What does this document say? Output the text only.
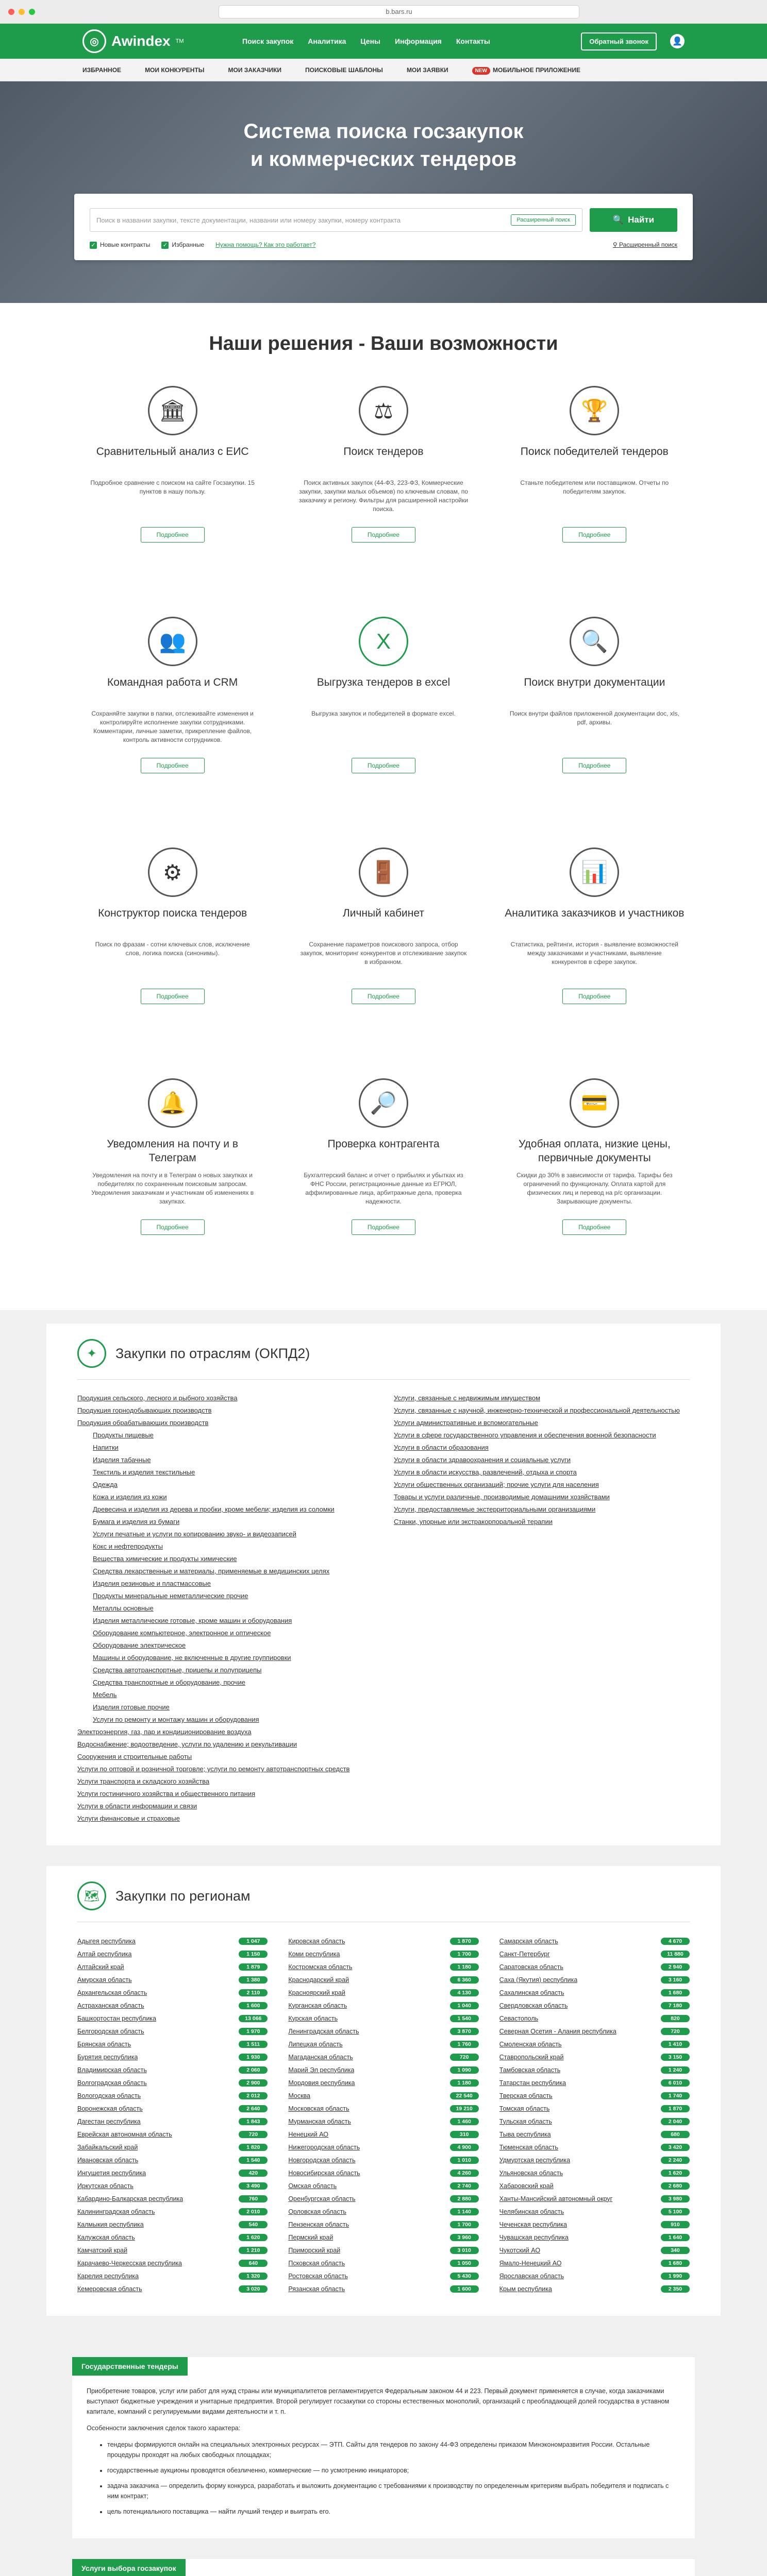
b.bars.ru
◎ Awindex TM	Поиск закупок Аналитика Цены Информация Контакты	Обратный звонок	👤
ИЗБРАННОЕ	МОИ КОНКУРЕНТЫ	МОИ ЗАКАЗЧИКИ	ПОИСКОВЫЕ ШАБЛОНЫ	МОИ ЗАЯВКИ	NEW МОБИЛЬНОЕ ПРИЛОЖЕНИЕ
Система поиска госзакупок
и коммерческих тендеров
Поиск в названии закупки, тексте документации, названии или номеру закупки, номеру контракта	Расширенный поиск	🔍 Найти
✓ Новые контракты ✓ Избранные Нужна помощь? Как это работает?	⚲ Расширенный поиск
Наши решения - Ваши возможности
🏛
Сравнительный анализ с ЕИС
Подробное сравнение с поиском на сайте Госзакупки. 15 пунктов в нашу пользу.
Подробнее
⚖
Поиск тендеров
Поиск активных закупок (44-ФЗ, 223-ФЗ, Коммерческие закупки, закупки малых объемов) по ключевым словам, по заказчику и региону. Фильтры для расширенной настройки поиска.
Подробнее
🏆
Поиск победителей тендеров
Станьте победителем или поставщиком. Отчеты по победителям закупок.
Подробнее
👥
Командная работа и CRM
Сохраняйте закупки в папки, отслеживайте изменения и контролируйте исполнение закупки сотрудниками. Комментарии, личные заметки, прикрепление файлов, контроль активности сотрудников.
Подробнее
X
Выгрузка тендеров в excel
Выгрузка закупок и победителей в формате excel.
Подробнее
🔍
Поиск внутри документации
Поиск внутри файлов приложенной документации doc, xls, pdf, архивы.
Подробнее
⚙
Конструктор поиска тендеров
Поиск по фразам - сотни ключевых слов, исключение слов, логика поиска (синонимы).
Подробнее
🚪
Личный кабинет
Сохранение параметров поискового запроса, отбор закупок, мониторинг конкурентов и отслеживание закупок в избранном.
Подробнее
📊
Аналитика заказчиков и участников
Статистика, рейтинги, история - выявление возможностей между заказчиками и участниками, выявление конкурентов в сфере закупок.
Подробнее
🔔
Уведомления на почту и в Телеграм
Уведомления на почту и в Телеграм о новых закупках и победителях по сохраненным поисковым запросам. Уведомления заказчикам и участникам об изменениях в закупках.
Подробнее
🔎
Проверка контрагента
Бухгалтерский баланс и отчет о прибылях и убытках из ФНС России, регистрационные данные из ЕГРЮЛ, аффилированные лица, арбитражные дела, проверка надежности.
Подробнее
💳
Удобная оплата, низкие цены, первичные документы
Скидки до 30% в зависимости от тарифа. Тарифы без ограничений по функционалу. Оплата картой для физических лиц и перевод на р/с организации. Закрывающие документы.
Подробнее
✦	Закупки по отраслям (ОКПД2)
Продукция сельского, лесного и рыбного хозяйства
Продукция горнодобывающих производств
Продукция обрабатывающих производств
Продукты пищевые
Напитки
Изделия табачные
Текстиль и изделия текстильные
Одежда
Кожа и изделия из кожи
Древесина и изделия из дерева и пробки, кроме мебели; изделия из соломки
Бумага и изделия из бумаги
Услуги печатные и услуги по копированию звуко- и видеозаписей
Кокс и нефтепродукты
Вещества химические и продукты химические
Средства лекарственные и материалы, применяемые в медицинских целях
Изделия резиновые и пластмассовые
Продукты минеральные неметаллические прочие
Металлы основные
Изделия металлические готовые, кроме машин и оборудования
Оборудование компьютерное, электронное и оптическое
Оборудование электрическое
Машины и оборудование, не включенные в другие группировки
Средства автотранспортные, прицепы и полуприцепы
Средства транспортные и оборудование, прочие
Мебель
Изделия готовые прочие
Услуги по ремонту и монтажу машин и оборудования
Электроэнергия, газ, пар и кондиционирование воздуха
Водоснабжение; водоотведение, услуги по удалению и рекультивации
Сооружения и строительные работы
Услуги по оптовой и розничной торговле; услуги по ремонту автотранспортных средств
Услуги транспорта и складского хозяйства
Услуги гостиничного хозяйства и общественного питания
Услуги в области информации и связи
Услуги финансовые и страховые
Услуги, связанные с недвижимым имуществом
Услуги, связанные с научной, инженерно-технической и профессиональной деятельностью
Услуги административные и вспомогательные
Услуги в сфере государственного управления и обеспечения военной безопасности
Услуги в области образования
Услуги в области здравоохранения и социальные услуги
Услуги в области искусства, развлечений, отдыха и спорта
Услуги общественных организаций; прочие услуги для населения
Товары и услуги различные, производимые домашними хозяйствами
Услуги, предоставляемые экстерриториальными организациями
Станки, упорные или экстракорпоральной терапии
🗺	Закупки по регионам
Адыгея республика	1 047
Алтай республика	1 150
Алтайский край	1 879
Амурская область	1 380
Архангельская область	2 110
Астраханская область	1 600
Башкортостан республика	13 066
Белгородская область	1 970
Брянская область	1 511
Бурятия республика	1 930
Владимирская область	2 060
Волгоградская область	2 900
Вологодская область	2 012
Воронежская область	2 640
Дагестан республика	1 843
Еврейская автономная область	720
Забайкальский край	1 820
Ивановская область	1 540
Ингушетия республика	420
Иркутская область	3 490
Кабардино-Балкарская республика	760
Калининградская область	2 010
Калмыкия республика	540
Калужская область	1 620
Камчатский край	1 210
Карачаево-Черкесская республика	640
Карелия республика	1 320
Кемеровская область	3 020
Кировская область	1 870
Коми республика	1 700
Костромская область	1 180
Краснодарский край	6 360
Красноярский край	4 130
Курганская область	1 040
Курская область	1 540
Ленинградская область	3 870
Липецкая область	1 760
Магаданская область	720
Марий Эл республика	1 090
Мордовия республика	1 180
Москва	22 540
Московская область	19 210
Мурманская область	1 460
Ненецкий АО	310
Нижегородская область	4 900
Новгородская область	1 010
Новосибирская область	4 260
Омская область	2 740
Оренбургская область	2 880
Орловская область	1 140
Пензенская область	1 700
Пермский край	3 960
Приморский край	3 010
Псковская область	1 050
Ростовская область	5 430
Рязанская область	1 600
Самарская область	4 670
Санкт-Петербург	11 880
Саратовская область	2 940
Саха (Якутия) республика	3 160
Сахалинская область	1 680
Свердловская область	7 180
Севастополь	820
Северная Осетия - Алания республика	720
Смоленская область	1 410
Ставропольский край	3 150
Тамбовская область	1 240
Татарстан республика	6 010
Тверская область	1 740
Томская область	1 870
Тульская область	2 040
Тыва республика	680
Тюменская область	3 420
Удмуртская республика	2 240
Ульяновская область	1 620
Хабаровский край	2 680
Ханты-Мансийский автономный округ	3 980
Челябинская область	5 100
Чеченская республика	910
Чувашская республика	1 640
Чукотский АО	340
Ямало-Ненецкий АО	1 680
Ярославская область	1 990
Крым республика	2 350
Государственные тендеры

Приобретение товаров, услуг или работ для нужд страны или муниципалитетов регламентируется Федеральным законом 44 и 223. Первый документ применяется в случае, когда заказчиками выступают бюджетные учреждения и унитарные предприятия. Второй регулирует госзакупки со стороны естественных монополий, организаций с преобладающей долей государства в уставном капитале, компаний с регулируемыми видами деятельности и т. п.

Особенности заключения сделок такого характера:

• тендеры формируются онлайн на специальных электронных ресурсах — ЭТП. Сайты для тендеров по закону 44-ФЗ определены приказом Минэкономразвития России. Остальные процедуры проходят на любых свободных площадках;
• государственные аукционы проводятся обезличенно, коммерческие — по усмотрению инициаторов;
• задача заказчика — определить форму конкурса, разработать и выложить документацию с требованиями к производству по определенным критериям выбрать победителя и подписать с ним контракт;
• цель потенциального поставщика — найти лучший тендер и выиграть его.
Услуги выбора госзакупок
